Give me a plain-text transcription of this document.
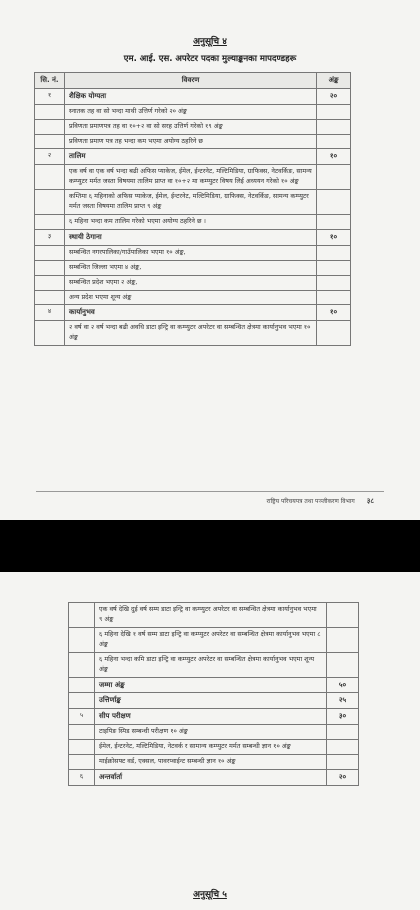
अनुसूचि ४
एम. आई. एस. अपरेटर पदका मुल्याङ्कनका मापदण्डहरू
सि. नं.	विवरण	अंङ्क
१	शैक्षिक योग्यता	२०
	स्नातक तह वा सो भन्दा माथी उत्तिर्ण गरेको २० अंङ्क	
	प्रविणता प्रमाणपत्र तह वा १०+२ वा सो सरह उत्तिर्ण गरेको १९ अंङ्क	
	प्रविणता प्रमाण पत्र तह भन्दा कम भएमा अयोग्य ठहरिने छ	
२	तालिम	१०
	एक वर्ष वा एक वर्ष भन्दा बढी अफिस प्याकेज, ईमेल, ईन्टरनेट, मल्टिमिडिया, ग्राफिक्स, नेटवर्किङ, सामन्य कम्प्युटर मर्मत जस्ता विषयमा तालिम प्राप्त वा १०+२ मा कम्प्युटर विषय लिई अध्ययन गरेको १० अंङ्क	
	कम्तिमा ६ महिनाको अफिस प्याकेज, ईमेल, ईन्टरनेट, मल्टिमिडिया, ग्राफिक्स, नेटवर्किङ, सामन्य कम्प्युटर मर्मत जस्ता विषयमा तालिम प्राप्त ९ अंङ्क	
	६ महिना भन्दा कम तालिम गरेको भएमा अयोग्य ठहरिने छ ।	
३	स्थायी ठेगाना	१०
	सम्बन्धित नगरपालिका/गाउँपालिका भएमा १० अंङ्क,	
	सम्बन्धित जिल्ला भएमा ४ अंङ्क,	
	सम्बन्धित प्रदेश भएमा २ अंङ्क,	
	अन्य प्रदेश भएमा शून्य अंङ्क	
४	कार्यानुभव	१०
	२ वर्ष वा २ वर्ष भन्दा बढी अवधि डाटा इन्ट्रि वा कम्प्युटर अपरेटर वा सम्बन्धित क्षेत्रमा कार्यानुभव भएमा १० अंङ्क	
राष्ट्रिय परिचयपत्र तथा पञ्जीकरण विभाग ३८
	एक वर्ष देखि दुई वर्ष सम्म डाटा इन्ट्रि वा कम्प्युटर अपरेटर वा सम्बन्धित क्षेत्रमा कार्यानुभव भएमा ९ अंङ्क	
	६ महिना देखि १ वर्ष सम्म डाटा इन्ट्रि वा कम्प्युटर अपरेटर वा सम्बन्धित क्षेत्रमा कार्यानुभव भएमा ८ अंङ्क	
	६ महिना भन्दा कमि डाटा इन्ट्रि वा कम्प्युटर अपरेटर वा सम्बन्धित क्षेत्रमा कार्यानुभव भएमा शून्य अंङ्क	
	जम्मा अंङ्क	५०
	उत्तिर्णाङ्क	२५
५	सीप परीक्षण	३०
	टाइपिङ स्पिड सम्बन्धी परीक्षण १० अंङ्क	
	ईमेल, ईन्टरनेट, मल्टिमिडिया, नेटवर्क र सामान्य कम्प्युटर मर्मत सम्बन्धी ज्ञान १० अंङ्क	
	माईक्रोसफ्ट वर्ड, एक्सल, पावरप्वाईन्ट सम्बन्धी ज्ञान १० अंङ्क	
६	अन्तर्वार्ता	२०
अनुसूचि ५
